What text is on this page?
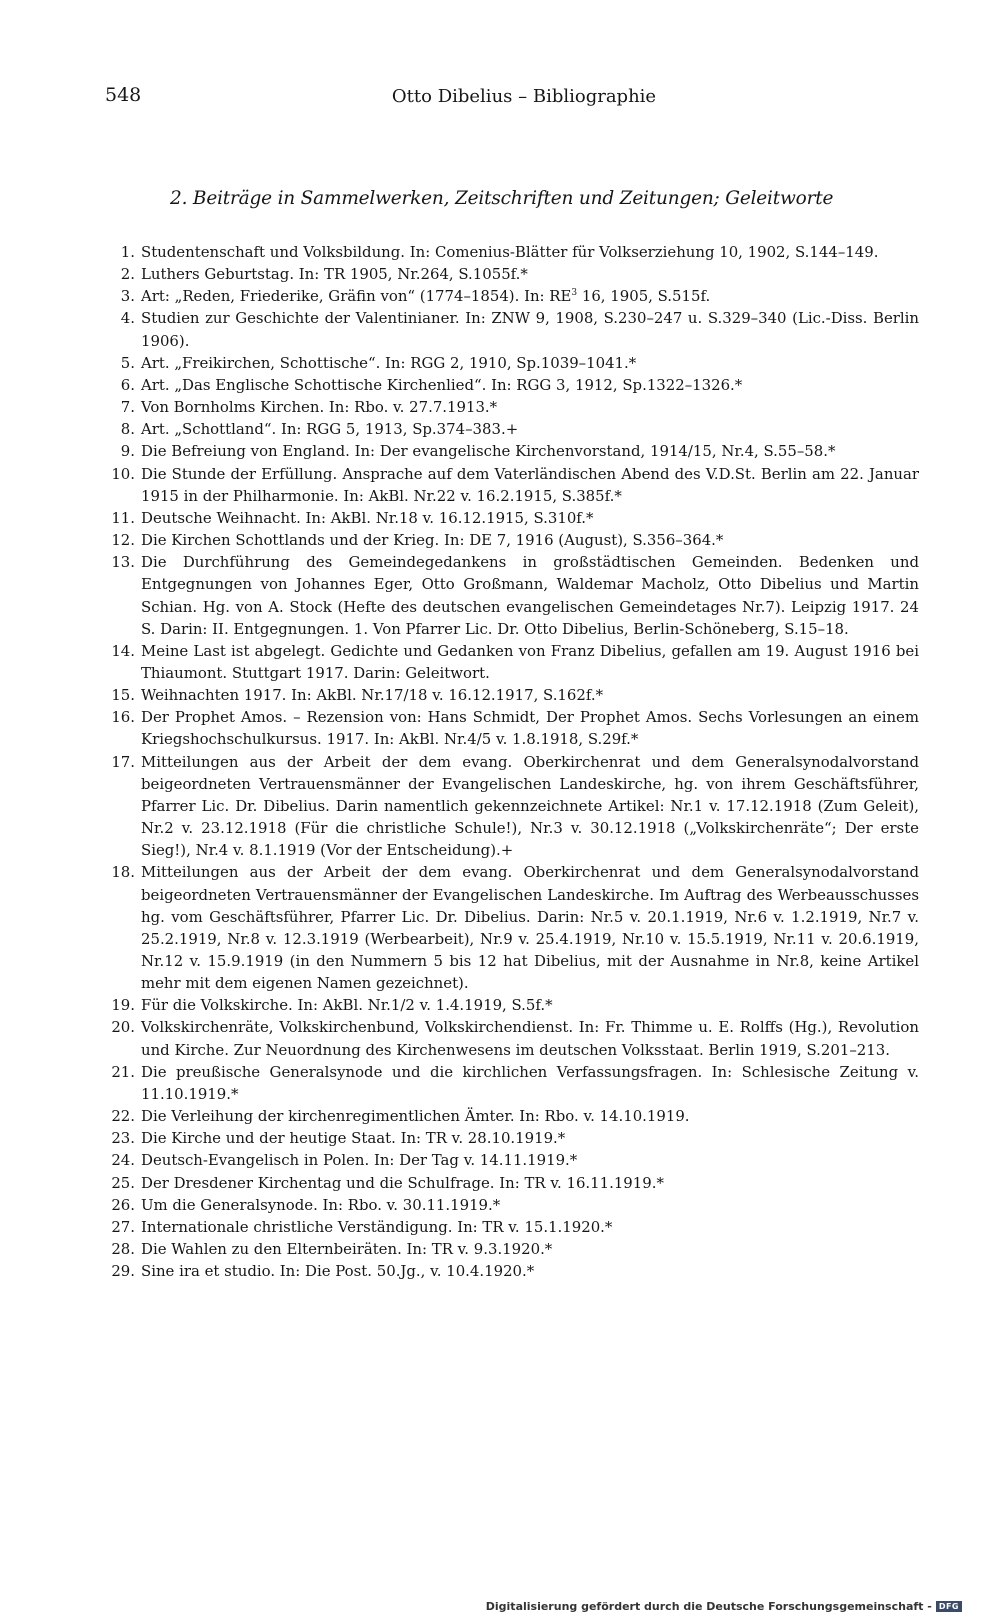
548	Otto Dibelius – Bibliographie
2. Beiträge in Sammelwerken, Zeitschriften und Zeitungen; Geleitworte
1. Studentenschaft und Volksbildung. In: Comenius-Blätter für Volkserziehung 10, 1902, S.144–149.
2. Luthers Geburtstag. In: TR 1905, Nr.264, S.1055f.*
3. Art: „Reden, Friederike, Gräfin von“ (1774–1854). In: $RE^3$ 16, 1905, S.515f.
4. Studien zur Geschichte der Valentinianer. In: ZNW 9, 1908, S.230–247 u. S.329–340 (Lic.-Diss. Berlin 1906).
5. Art. „Freikirchen, Schottische“. In: RGG 2, 1910, Sp.1039–1041.*
6. Art. „Das Englische Schottische Kirchenlied“. In: RGG 3, 1912, Sp.1322–1326.*
7. Von Bornholms Kirchen. In: Rbo. v. 27.7.1913.*
8. Art. „Schottland“. In: RGG 5, 1913, Sp.374–383.+
9. Die Befreiung von England. In: Der evangelische Kirchenvorstand, 1914/15, Nr.4, S.55–58.*
10. Die Stunde der Erfüllung. Ansprache auf dem Vaterländischen Abend des V.D.St. Berlin am 22. Januar 1915 in der Philharmonie. In: AkBl. Nr.22 v. 16.2.1915, S.385f.*
11. Deutsche Weihnacht. In: AkBl. Nr.18 v. 16.12.1915, S.310f.*
12. Die Kirchen Schottlands und der Krieg. In: DE 7, 1916 (August), S.356–364.*
13. Die Durchführung des Gemeindegedankens in großstädtischen Gemeinden. Bedenken und Entgegnungen von Johannes Eger, Otto Großmann, Waldemar Macholz, Otto Dibelius und Martin Schian. Hg. von A. Stock (Hefte des deutschen evangelischen Gemeindetages Nr.7). Leipzig 1917. 24 S. Darin: II. Entgegnungen. 1. Von Pfarrer Lic. Dr. Otto Dibelius, Berlin-Schöneberg, S.15–18.
14. Meine Last ist abgelegt. Gedichte und Gedanken von Franz Dibelius, gefallen am 19. August 1916 bei Thiaumont. Stuttgart 1917. Darin: Geleitwort.
15. Weihnachten 1917. In: AkBl. Nr.17/18 v. 16.12.1917, S.162f.*
16. Der Prophet Amos. – Rezension von: Hans Schmidt, Der Prophet Amos. Sechs Vorlesungen an einem Kriegshochschulkursus. 1917. In: AkBl. Nr.4/5 v. 1.8.1918, S.29f.*
17. Mitteilungen aus der Arbeit der dem evang. Oberkirchenrat und dem Generalsynodalvorstand beigeordneten Vertrauensmänner der Evangelischen Landeskirche, hg. von ihrem Geschäftsführer, Pfarrer Lic. Dr. Dibelius. Darin namentlich gekennzeichnete Artikel: Nr.1 v. 17.12.1918 (Zum Geleit), Nr.2 v. 23.12.1918 (Für die christliche Schule!), Nr.3 v. 30.12.1918 („Volkskirchenräte“; Der erste Sieg!), Nr.4 v. 8.1.1919 (Vor der Entscheidung).+
18. Mitteilungen aus der Arbeit der dem evang. Oberkirchenrat und dem Generalsynodalvorstand beigeordneten Vertrauensmänner der Evangelischen Landeskirche. Im Auftrag des Werbeausschusses hg. vom Geschäftsführer, Pfarrer Lic. Dr. Dibelius. Darin: Nr.5 v. 20.1.1919, Nr.6 v. 1.2.1919, Nr.7 v. 25.2.1919, Nr.8 v. 12.3.1919 (Werbearbeit), Nr.9 v. 25.4.1919, Nr.10 v. 15.5.1919, Nr.11 v. 20.6.1919, Nr.12 v. 15.9.1919 (in den Nummern 5 bis 12 hat Dibelius, mit der Ausnahme in Nr.8, keine Artikel mehr mit dem eigenen Namen gezeichnet).
19. Für die Volkskirche. In: AkBl. Nr.1/2 v. 1.4.1919, S.5f.*
20. Volkskirchenräte, Volkskirchenbund, Volkskirchendienst. In: Fr. Thimme u. E. Rolffs (Hg.), Revolution und Kirche. Zur Neuordnung des Kirchenwesens im deutschen Volksstaat. Berlin 1919, S.201–213.
21. Die preußische Generalsynode und die kirchlichen Verfassungsfragen. In: Schlesische Zeitung v. 11.10.1919.*
22. Die Verleihung der kirchenregimentlichen Ämter. In: Rbo. v. 14.10.1919.
23. Die Kirche und der heutige Staat. In: TR v. 28.10.1919.*
24. Deutsch-Evangelisch in Polen. In: Der Tag v. 14.11.1919.*
25. Der Dresdener Kirchentag und die Schulfrage. In: TR v. 16.11.1919.*
26. Um die Generalsynode. In: Rbo. v. 30.11.1919.*
27. Internationale christliche Verständigung. In: TR v. 15.1.1920.*
28. Die Wahlen zu den Elternbeiräten. In: TR v. 9.3.1920.*
29. Sine ira et studio. In: Die Post. 50.Jg., v. 10.4.1920.*
Digitalisierung gefördert durch die Deutsche Forschungsgemeinschaft - DFG
